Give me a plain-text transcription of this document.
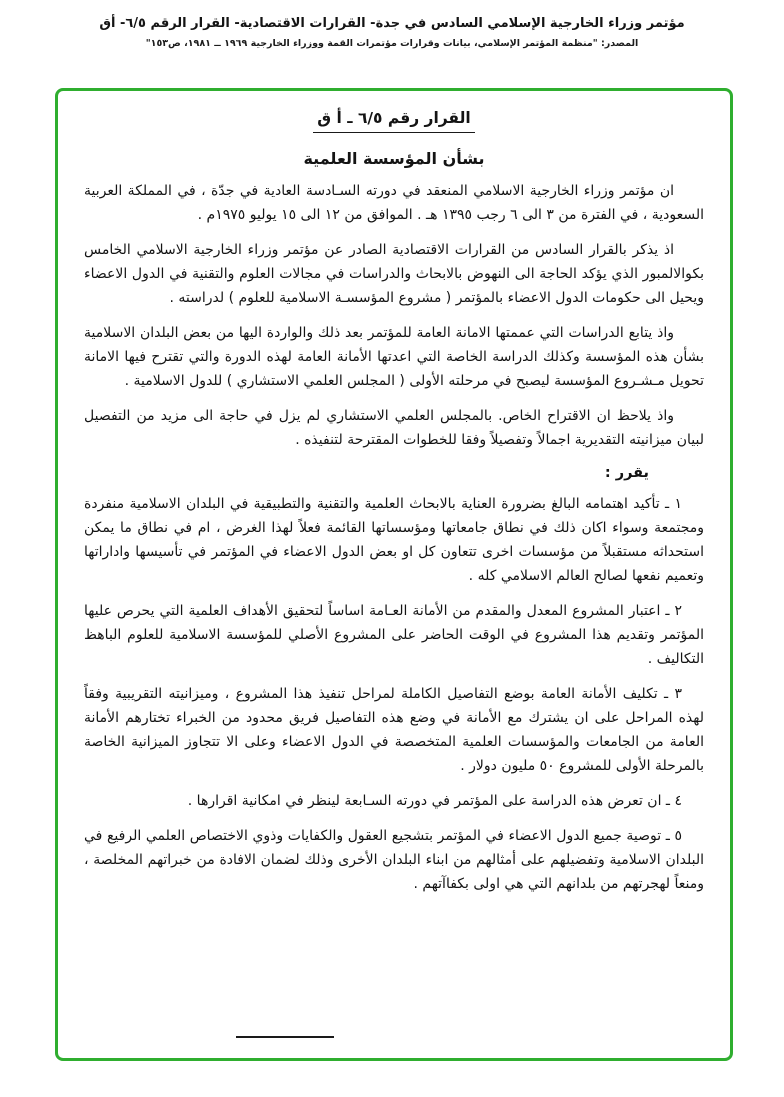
مؤتمر وزراء الخارجية الإسلامي السادس في جدة- القرارات الاقتصادية- القرار الرقم ٦/٥- أق
المصدر: "منظمة المؤتمر الإسلامي، بيانات وقرارات مؤتمرات القمة ووزراء الخارجية ١٩٦٩ ــ ١٩٨١، ص١٥٣"
القرار رقم ٦/٥ ـ أ ق
بشأن المؤسسة العلمية
ان مؤتمر وزراء الخارجية الاسلامي المنعقد في دورته السـادسة العادية في جدّة ، في المملكة العربية السعودية ، في الفترة من ٣ الى ٦ رجب ١٣٩٥ هـ . الموافق من ١٢ الى ١٥ يوليو ١٩٧٥م .
اذ يذكر بالقرار السادس من القرارات الاقتصادية الصادر عن مؤتمر وزراء الخارجية الاسلامي الخامس بكوالالمبور الذي يؤكد الحاجة الى النهوض بالابحاث والدراسات في مجالات العلوم والتقنية في الدول الاعضاء ويحيل الى حكومات الدول الاعضاء بالمؤتمر ( مشروع المؤسسـة الاسلامية للعلوم ) لدراسته .
واذ يتابع الدراسات التي عممتها الامانة العامة للمؤتمر بعد ذلك والواردة اليها من بعض البلدان الاسلامية بشأن هذه المؤسسة وكذلك الدراسة الخاصة التي اعدتها الأمانة العامة لهذه الدورة والتي تقترح فيها الامانة تحويل مـشـروع المؤسسة ليصبح في مرحلته الأولى ( المجلس العلمي الاستشاري ) للدول الاسلامية .
واذ يلاحظ ان الاقتراح الخاص. بالمجلس العلمي الاستشاري لم يزل في حاجة الى مزيد من التفصيل لبيان ميزانيته التقديرية اجمالاً وتفصيلاً وفقا للخطوات المقترحة لتنفيذه .
يقرر :
١ ـ تأكيد اهتمامه البالغ بضرورة العناية بالابحاث العلمية والتقنية والتطبيقية في البلدان الاسلامية منفردة ومجتمعة وسواء اكان ذلك في نطاق جامعاتها ومؤسساتها القائمة فعلاً لهذا الغرض ، ام في نطاق ما يمكن استحداثه مستقبلاً من مؤسسات اخرى تتعاون كل او بعض الدول الاعضاء في المؤتمر في تأسيسها واداراتها وتعميم نفعها لصالح العالم الاسلامي كله .
٢ ـ اعتبار المشروع المعدل والمقدم من الأمانة العـامة اساساً لتحقيق الأهداف العلمية التي يحرص عليها المؤتمر وتقديم هذا المشروع في الوقت الحاضر على المشروع الأصلي للمؤسسة الاسلامية للعلوم الباهظ التكاليف .
٣ ـ تكليف الأمانة العامة بوضع التفاصيل الكاملة لمراحل تنفيذ هذا المشروع ، وميزانيته التقريبية وفقاً لهذه المراحل على ان يشترك مع الأمانة في وضع هذه التفاصيل فريق محدود من الخبراء تختارهم الأمانة العامة من الجامعات والمؤسسات العلمية المتخصصة في الدول الاعضاء وعلى الا تتجاوز الميزانية الخاصة بالمرحلة الأولى للمشروع ٥٠ مليون دولار .
٤ ـ ان تعرض هذه الدراسة على المؤتمر في دورته السـابعة لينظر في امكانية اقرارها .
٥ ـ توصية جميع الدول الاعضاء في المؤتمر بتشجيع العقول والكفايات وذوي الاختصاص العلمي الرفيع في البلدان الاسلامية وتفضيلهم على أمثالهم من ابناء البلدان الأخرى وذلك لضمان الافادة من خبراتهم المخلصة ، ومنعاً لهجرتهم من بلدانهم التي هي اولى بكفاآتهم .
